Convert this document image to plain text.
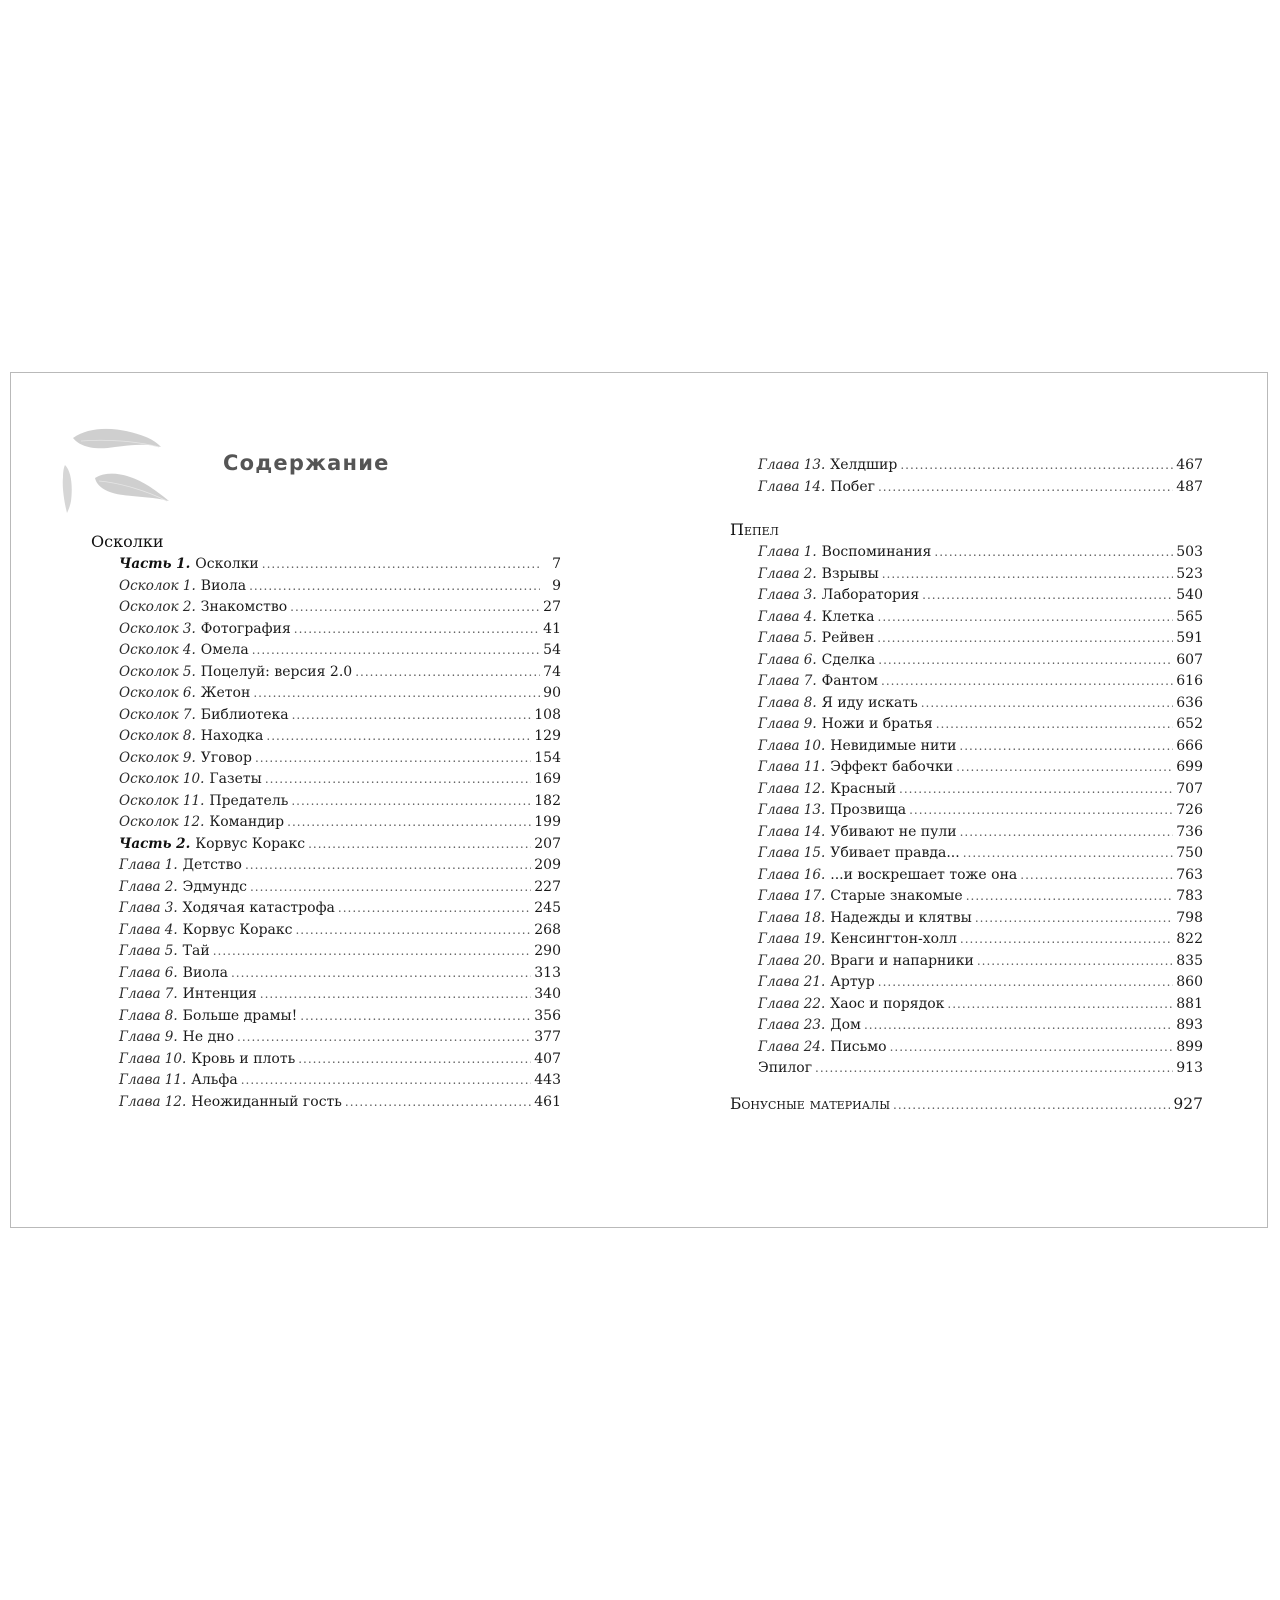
Содержание
Осколки
Часть 1. Осколки .....	7
Осколок 1. Виола .....	9
Осколок 2. Знакомство .....	27
Осколок 3. Фотография .....	41
Осколок 4. Омела .....	54
Осколок 5. Поцелуй: версия 2.0 .....	74
Осколок 6. Жетон .....	90
Осколок 7. Библиотека .....	108
Осколок 8. Находка .....	129
Осколок 9. Уговор .....	154
Осколок 10. Газеты .....	169
Осколок 11. Предатель .....	182
Осколок 12. Командир .....	199
Часть 2. Корвус Коракс .....	207
Глава 1. Детство .....	209
Глава 2. Эдмундс .....	227
Глава 3. Ходячая катастрофа .....	245
Глава 4. Корвус Коракс .....	268
Глава 5. Тай .....	290
Глава 6. Виола .....	313
Глава 7. Интенция .....	340
Глава 8. Больше драмы! .....	356
Глава 9. Не дно .....	377
Глава 10. Кровь и плоть .....	407
Глава 11. Альфа .....	443
Глава 12. Неожиданный гость .....	461
Глава 13. Хелдшир .....	467
Глава 14. Побег .....	487
Пепел
Глава 1. Воспоминания .....	503
Глава 2. Взрывы .....	523
Глава 3. Лаборатория .....	540
Глава 4. Клетка .....	565
Глава 5. Рейвен .....	591
Глава 6. Сделка .....	607
Глава 7. Фантом .....	616
Глава 8. Я иду искать .....	636
Глава 9. Ножи и братья .....	652
Глава 10. Невидимые нити .....	666
Глава 11. Эффект бабочки .....	699
Глава 12. Красный .....	707
Глава 13. Прозвища .....	726
Глава 14. Убивают не пули .....	736
Глава 15. Убивает правда... .....	750
Глава 16. ...и воскрешает тоже она .....	763
Глава 17. Старые знакомые .....	783
Глава 18. Надежды и клятвы .....	798
Глава 19. Кенсингтон-холл .....	822
Глава 20. Враги и напарники .....	835
Глава 21. Артур .....	860
Глава 22. Хаос и порядок .....	881
Глава 23. Дом .....	893
Глава 24. Письмо .....	899
Эпилог .....	913
Бонусные материалы .....	927
